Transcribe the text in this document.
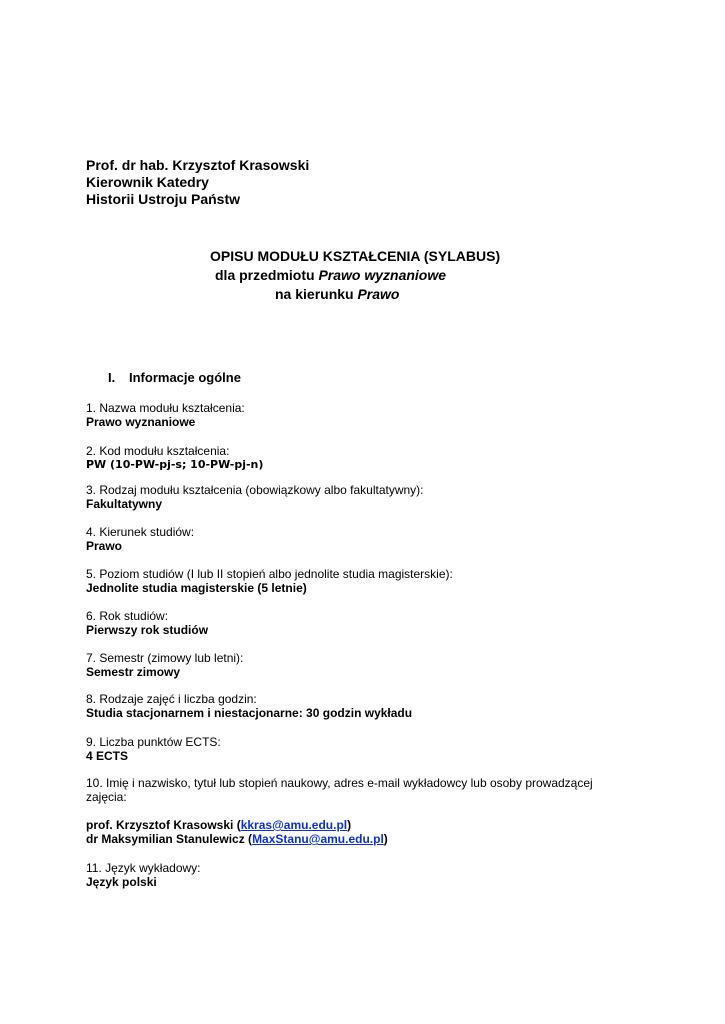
Prof. dr hab. Krzysztof Krasowski
Kierownik Katedry
Historii Ustroju Państw
OPISU MODUŁU KSZTAŁCENIA (SYLABUS)
dla przedmiotu Prawo wyznaniowe
na kierunku Prawo
I. Informacje ogólne
1. Nazwa modułu kształcenia:
Prawo wyznaniowe
2. Kod modułu kształcenia:
PW (10-PW-pj-s; 10-PW-pj-n)
3. Rodzaj modułu kształcenia (obowiązkowy albo fakultatywny):
Fakultatywny
4. Kierunek studiów:
Prawo
5. Poziom studiów (I lub II stopień albo jednolite studia magisterskie):
Jednolite studia magisterskie (5 letnie)
6. Rok studiów:
Pierwszy rok studiów
7. Semestr (zimowy lub letni):
Semestr zimowy
8. Rodzaje zajęć i liczba godzin:
Studia stacjonarnem i niestacjonarne: 30 godzin wykładu
9. Liczba punktów ECTS:
4 ECTS
10. Imię i nazwisko, tytuł lub stopień naukowy, adres e-mail wykładowcy lub osoby prowadzącej zajęcia:
prof. Krzysztof Krasowski (kkras@amu.edu.pl)
dr Maksymilian Stanulewicz (MaxStanu@amu.edu.pl)
11. Język wykładowy:
Język polski
